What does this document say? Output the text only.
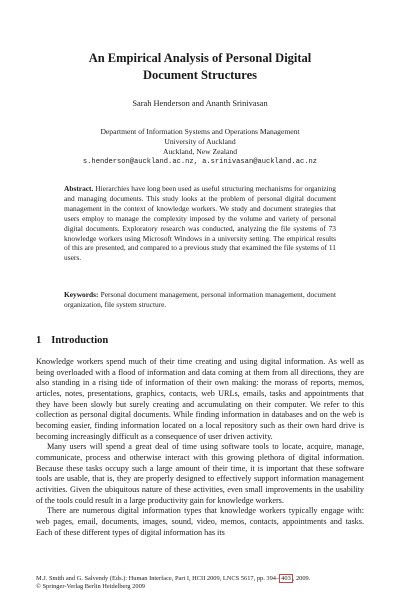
An Empirical Analysis of Personal Digital
Document Structures
Sarah Henderson and Ananth Srinivasan
Department of Information Systems and Operations Management
University of Auckland
Auckland, New Zealand
s.henderson@auckland.ac.nz, a.srinivasan@auckland.ac.nz
Abstract. Hierarchies have long been used as useful structuring mechanisms for organizing and managing documents. This study looks at the problem of personal digital document management in the context of knowledge workers. We study and document strategies that users employ to manage the complexity imposed by the volume and variety of personal digital documents. Exploratory research was conducted, analyzing the file systems of 73 knowledge workers using Microsoft Windows in a university setting. The empirical results of this are presented, and compared to a previous study that examined the file systems of 11 users.
Keywords: Personal document management, personal information management, document organization, file system structure.
1 Introduction

Knowledge workers spend much of their time creating and using digital information. As well as being overloaded with a flood of information and data coming at them from all directions, they are also standing in a rising tide of information of their own making: the morass of reports, memos, articles, notes, presentations, graphics, contacts, web URLs, emails, tasks and appointments that they have been slowly but surely creating and accumulating on their computer. We refer to this collection as personal digital documents. While finding information in databases and on the web is becoming easier, finding information located on a local repository such as their own hard drive is becoming increasingly difficult as a consequence of user driven activity.

Many users will spend a great deal of time using software tools to locate, acquire, manage, communicate, process and otherwise interact with this growing plethora of digital information. Because these tasks occupy such a large amount of their time, it is important that these software tools are usable, that is, they are properly designed to effectively support information management activities. Given the ubiquitous nature of these activities, even small improvements in the usability of the tools could result in a large productivity gain for knowledge workers.

There are numerous digital information types that knowledge workers typically engage with: web pages, email, documents, images, sound, video, memos, contacts, appointments and tasks. Each of these different types of digital information has its

M.J. Smith and G. Salvendy (Eds.): Human Interface, Part I, HCII 2009, LNCS 5617, pp. 394– 403 , 2009.
© Springer-Verlag Berlin Heidelberg 2009
